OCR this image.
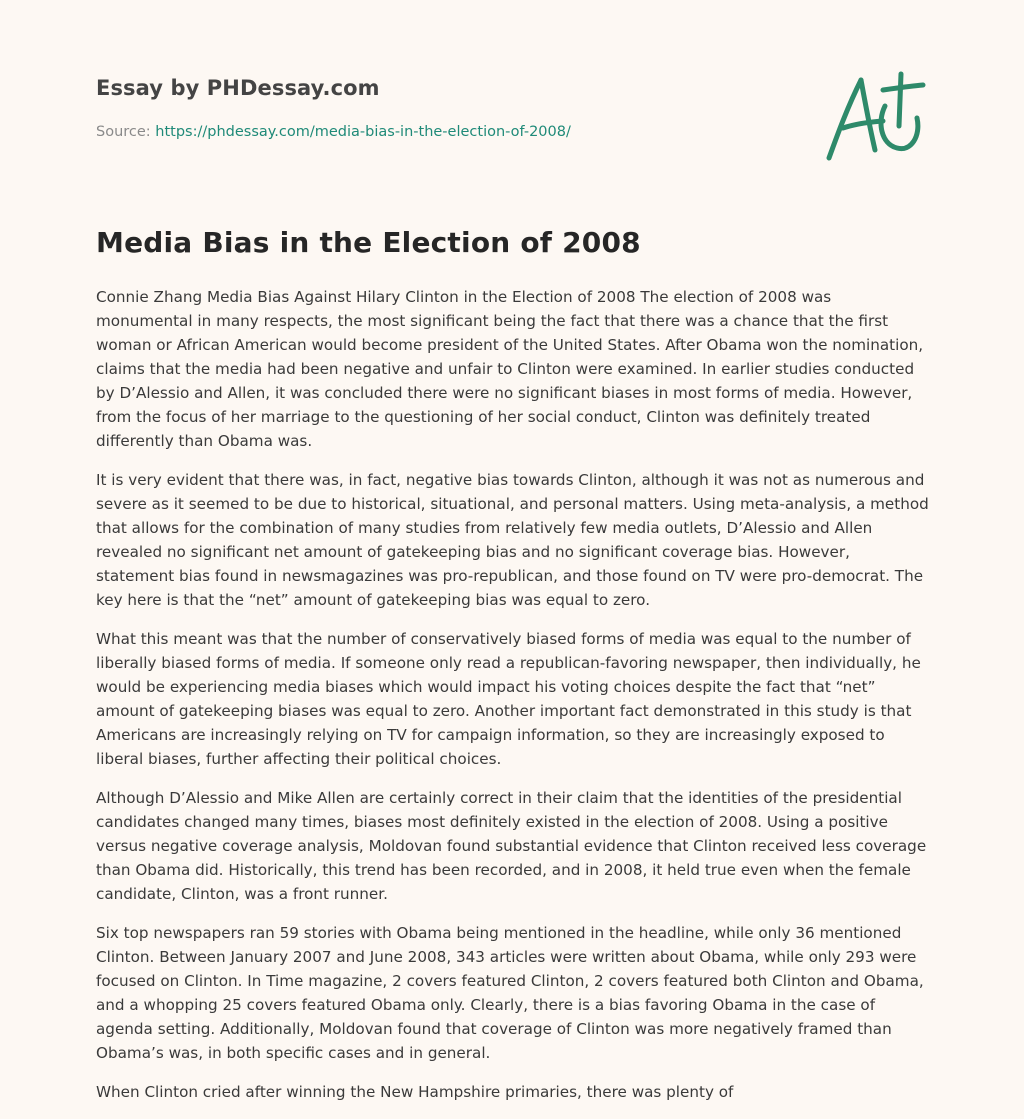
Essay by PHDessay.com
Source: https://phdessay.com/media-bias-in-the-election-of-2008/
Media Bias in the Election of 2008

Connie Zhang Media Bias Against Hilary Clinton in the Election of 2008 The election of 2008 was monumental in many respects, the most significant being the fact that there was a chance that the first woman or African American would become president of the United States. After Obama won the nomination, claims that the media had been negative and unfair to Clinton were examined. In earlier studies conducted by D’Alessio and Allen, it was concluded there were no significant biases in most forms of media. However, from the focus of her marriage to the questioning of her social conduct, Clinton was definitely treated differently than Obama was.

It is very evident that there was, in fact, negative bias towards Clinton, although it was not as numerous and severe as it seemed to be due to historical, situational, and personal matters. Using meta-analysis, a method that allows for the combination of many studies from relatively few media outlets, D’Alessio and Allen revealed no significant net amount of gatekeeping bias and no significant coverage bias. However, statement bias found in newsmagazines was pro-republican, and those found on TV were pro-democrat. The key here is that the “net” amount of gatekeeping bias was equal to zero.

What this meant was that the number of conservatively biased forms of media was equal to the number of liberally biased forms of media. If someone only read a republican-favoring newspaper, then individually, he would be experiencing media biases which would impact his voting choices despite the fact that “net” amount of gatekeeping biases was equal to zero. Another important fact demonstrated in this study is that Americans are increasingly relying on TV for campaign information, so they are increasingly exposed to liberal biases, further affecting their political choices.

Although D’Alessio and Mike Allen are certainly correct in their claim that the identities of the presidential candidates changed many times, biases most definitely existed in the election of 2008. Using a positive versus negative coverage analysis, Moldovan found substantial evidence that Clinton received less coverage than Obama did. Historically, this trend has been recorded, and in 2008, it held true even when the female candidate, Clinton, was a front runner.

Six top newspapers ran 59 stories with Obama being mentioned in the headline, while only 36 mentioned Clinton. Between January 2007 and June 2008, 343 articles were written about Obama, while only 293 were focused on Clinton. In Time magazine, 2 covers featured Clinton, 2 covers featured both Clinton and Obama, and a whopping 25 covers featured Obama only. Clearly, there is a bias favoring Obama in the case of agenda setting. Additionally, Moldovan found that coverage of Clinton was more negatively framed than Obama’s was, in both specific cases and in general.

When Clinton cried after winning the New Hampshire primaries, there was plenty of
